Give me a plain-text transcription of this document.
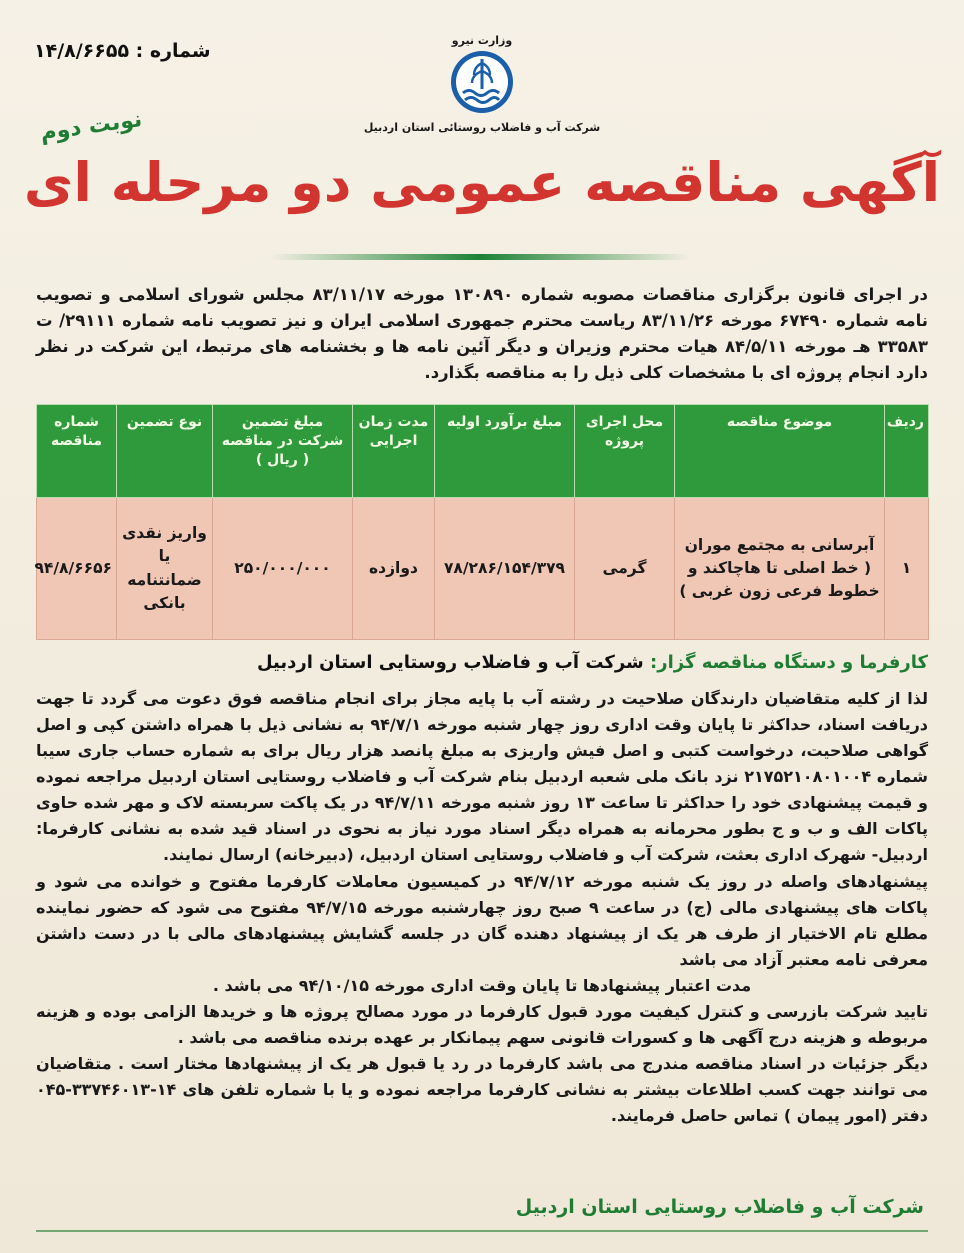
شماره : ۱۴/۸/۶۶۵۵	وزارت نیرو
شرکت آب و فاضلاب روستائی استان اردبیل
نوبت دوم
آگهی مناقصه عمومی دو مرحله ای
در اجرای قانون برگزاری مناقصات مصوبه شماره ۱۳۰۸۹۰ مورخه ۸۳/۱۱/۱۷ مجلس شورای اسلامی و تصویب نامه شماره ۶۷۴۹۰ مورخه ۸۳/۱۱/۲۶ ریاست محترم جمهوری اسلامی ایران و نیز تصویب نامه شماره ۲۹۱۱۱/ ت ۳۳۵۸۳ هـ مورخه ۸۴/۵/۱۱ هیات محترم وزیران و دیگر آئین نامه ها و بخشنامه های مرتبط، این شرکت در نظر دارد انجام پروژه ای با مشخصات کلی ذیل را به مناقصه بگذارد.
ردیف	موضوع مناقصه	محل اجرای پروژه	مبلغ برآورد اولیه	مدت زمان اجرایی	مبلغ تضمین شرکت در مناقصه ( ریال )	نوع تضمین	شماره مناقصه
۱	آبرسانی به مجتمع موران ( خط اصلی تا هاچاکند و خطوط فرعی زون غربی )	گرمی	۷۸/۲۸۶/۱۵۴/۳۷۹	دوازده	۲۵۰/۰۰۰/۰۰۰	واریز نقدی یا ضمانتنامه بانکی	۹۴/۸/۶۶۵۶
کارفرما و دستگاه مناقصه گزار: شرکت آب و فاضلاب روستایی استان اردبیل

لذا از کلیه متقاضیان دارندگان صلاحیت در رشته آب با پایه مجاز برای انجام مناقصه فوق دعوت می گردد تا جهت دریافت اسناد، حداکثر تا پایان وقت اداری روز چهار شنبه مورخه ۹۴/۷/۱ به نشانی ذیل با همراه داشتن کپی و اصل گواهی صلاحیت، درخواست کتبی و اصل فیش واریزی به مبلغ پانصد هزار ریال برای به شماره حساب جاری سیبا شماره ۲۱۷۵۲۱۰۸۰۱۰۰۴ نزد بانک ملی شعبه اردبیل بنام شرکت آب و فاضلاب روستایی استان اردبیل مراجعه نموده و قیمت پیشنهادی خود را حداکثر تا ساعت ۱۳ روز شنبه مورخه ۹۴/۷/۱۱ در یک پاکت سربسته لاک و مهر شده حاوی پاکات الف و ب و ج بطور محرمانه به همراه دیگر اسناد مورد نیاز به نحوی در اسناد قید شده به نشانی کارفرما: اردبیل- شهرک اداری بعثت، شرکت آب و فاضلاب روستایی استان اردبیل، (دبیرخانه) ارسال نمایند.

پیشنهادهای واصله در روز یک شنبه مورخه ۹۴/۷/۱۲ در کمیسیون معاملات کارفرما مفتوح و خوانده می شود و پاکات های پیشنهادی مالی (ج) در ساعت ۹ صبح روز چهارشنبه مورخه ۹۴/۷/۱۵ مفتوح می شود که حضور نماینده مطلع تام الاختیار از طرف هر یک از پیشنهاد دهنده گان در جلسه گشایش پیشنهادهای مالی با در دست داشتن معرفی نامه معتبر آزاد می باشد

مدت اعتبار پیشنهادها تا پایان وقت اداری مورخه ۹۴/۱۰/۱۵ می باشد .

تایید شرکت بازرسی و کنترل کیفیت مورد قبول کارفرما در مورد مصالح پروژه ها و خریدها الزامی بوده و هزینه مربوطه و هزینه درج آگهی ها و کسورات قانونی سهم پیمانکار بر عهده برنده مناقصه می باشد .

دیگر جزئیات در اسناد مناقصه مندرج می باشد کارفرما در رد یا قبول هر یک از پیشنهادها مختار است . متقاضیان می توانند جهت کسب اطلاعات بیشتر به نشانی کارفرما مراجعه نموده و یا با شماره تلفن های ۱۴-۳۳۷۴۶۰۱۳-۰۴۵ دفتر (امور پیمان ) تماس حاصل فرمایند.

شرکت آب و فاضلاب روستایی استان اردبیل
